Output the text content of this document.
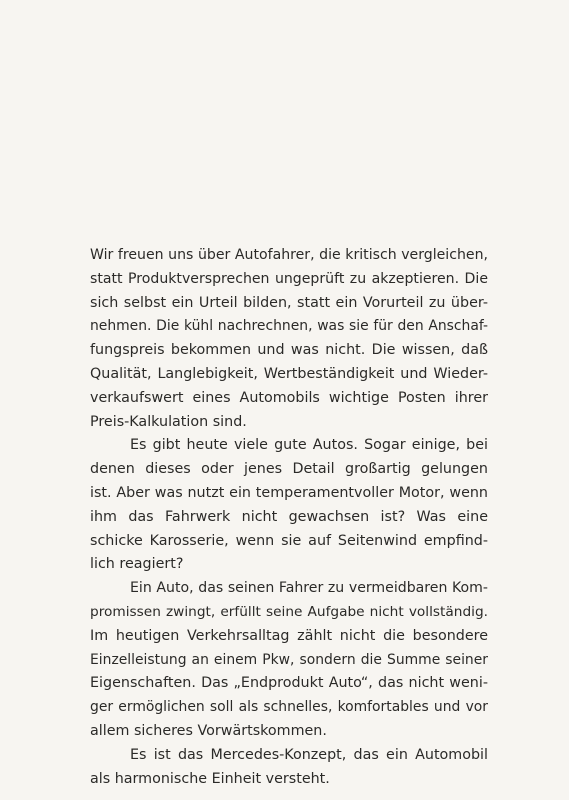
Wir freuen uns über Autofahrer, die kritisch vergleichen,
statt Produktversprechen ungeprüft zu akzeptieren. Die
sich selbst ein Urteil bilden, statt ein Vorurteil zu über-
nehmen. Die kühl nachrechnen, was sie für den Anschaf-
fungspreis bekommen und was nicht. Die wissen, daß
Qualität, Langlebigkeit, Wertbeständigkeit und Wieder-
verkaufswert eines Automobils wichtige Posten ihrer
Preis-Kalkulation sind.
Es gibt heute viele gute Autos. Sogar einige, bei
denen dieses oder jenes Detail großartig gelungen
ist. Aber was nutzt ein temperamentvoller Motor, wenn
ihm das Fahrwerk nicht gewachsen ist? Was eine
schicke Karosserie, wenn sie auf Seitenwind empfind-
lich reagiert?
Ein Auto, das seinen Fahrer zu vermeidbaren Kom-
promissen zwingt, erfüllt seine Aufgabe nicht vollständig.
Im heutigen Verkehrsalltag zählt nicht die besondere
Einzelleistung an einem Pkw, sondern die Summe seiner
Eigenschaften. Das „Endprodukt Auto“, das nicht weni-
ger ermöglichen soll als schnelles, komfortables und vor
allem sicheres Vorwärtskommen.
Es ist das Mercedes-Konzept, das ein Automobil
als harmonische Einheit versteht.
